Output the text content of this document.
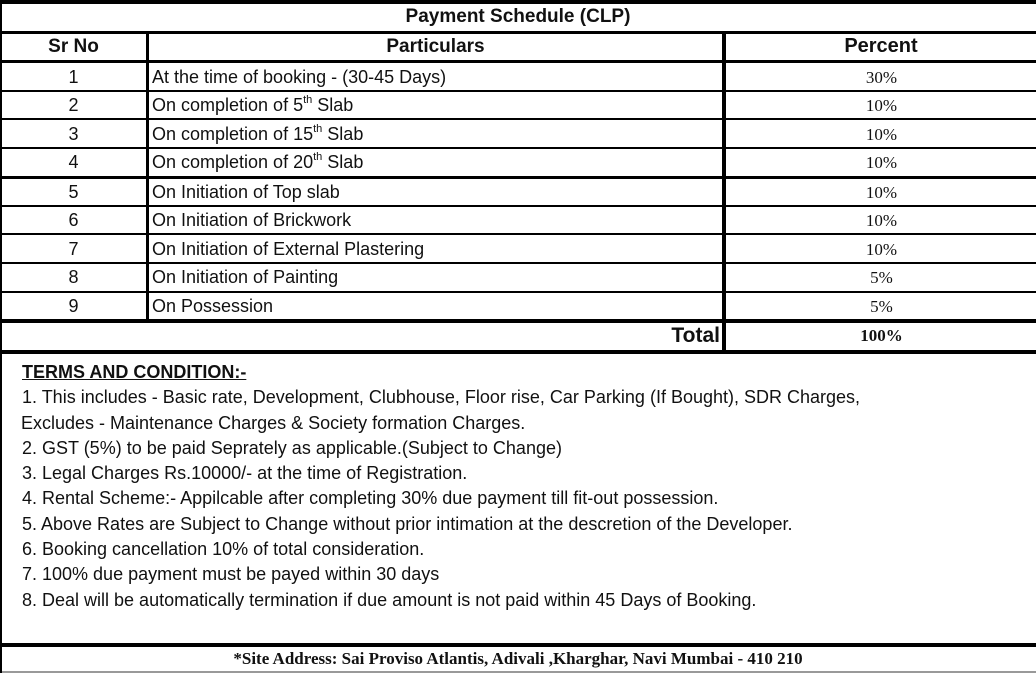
Payment Schedule (CLP)
Sr No	Particulars	Percent
1	At the time of booking - (30-45 Days)	30%
2	On completion of 5th Slab	10%
3	On completion of 15th Slab	10%
4	On completion of 20th Slab	10%
5	On Initiation of Top slab	10%
6	On Initiation of Brickwork	10%
7	On Initiation of External Plastering	10%
8	On Initiation of Painting	5%
9	On Possession	5%
Total	100%

TERMS AND CONDITION:-

1. This includes - Basic rate, Development, Clubhouse, Floor rise, Car Parking (If Bought), SDR Charges,

Excludes - Maintenance Charges & Society formation Charges.

2. GST (5%) to be paid Seprately as applicable.(Subject to Change)

3. Legal Charges Rs.10000/- at the time of Registration.

4. Rental Scheme:- Appilcable after completing 30% due payment till fit-out possession.

5. Above Rates are Subject to Change without prior intimation at the descretion of the Developer.

6. Booking cancellation 10% of total consideration.

7. 100% due payment must be payed within 30 days

8. Deal will be automatically termination if due amount is not paid within 45 Days of Booking.

*Site Address: Sai Proviso Atlantis, Adivali ,Kharghar, Navi Mumbai - 410 210
